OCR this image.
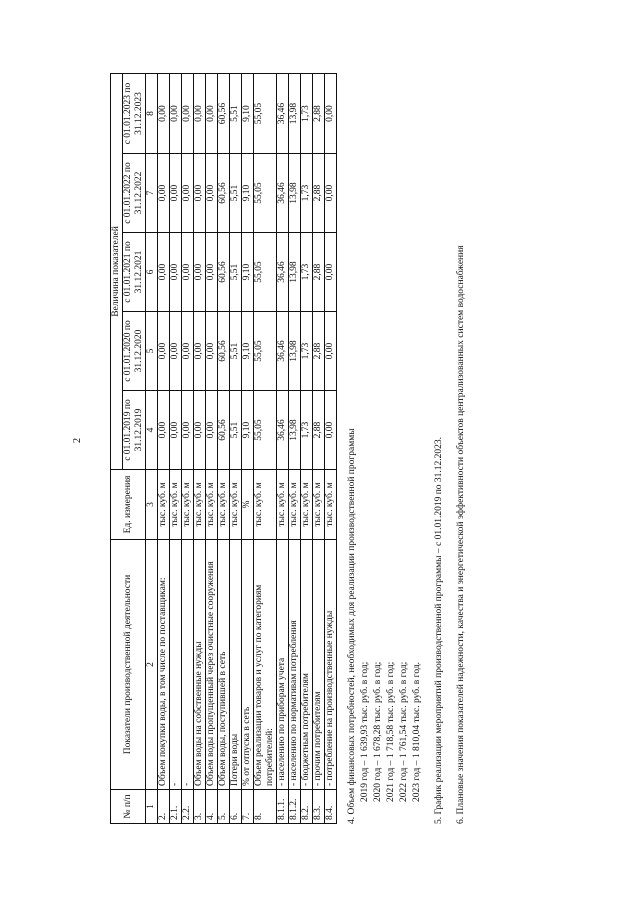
2
№ п/п	Показатели производственной деятельности	Ед. измерения	Величина показателей				
			с 01.01.2019 по 31.12.2019	с 01.01.2020 по 31.12.2020	с 01.01.2021 по 31.12.2021	с 01.01.2022 по 31.12.2022	с 01.01.2023 по 31.12.2023
1	2	3	4	5	6	7	8
2.	Объем покупки воды, в том числе по поставщикам:	тыс. куб. м	0,00	0,00	0,00	0,00	0,00
2.1.	-	тыс. куб. м	0,00	0,00	0,00	0,00	0,00
2.2.	-	тыс. куб. м	0,00	0,00	0,00	0,00	0,00
3.	Объем воды на собственные нужды	тыс. куб. м	0,00	0,00	0,00	0,00	0,00
4.	Объем воды пропущенный через очистные сооружения	тыс. куб. м	0,00	0,00	0,00	0,00	0,00
5.	Объем воды, поступившей в сеть	тыс. куб. м	60,56	60,56	60,56	60,56	60,56
6.	Потери воды	тыс. куб. м	5,51	5,51	5,51	5,51	5,51
7.	% от отпуска в сеть	%	9,10	9,10	9,10	9,10	9,10
8.	Объем реализации товаров и услуг по категориям потребителей:	тыс. куб. м	55,05	55,05	55,05	55,05	55,05
8.1.1.	- населению по приборам учета	тыс. куб. м	36,46	36,46	36,46	36,46	36,46
8.1.2.	- населению по нормативам потребления	тыс. куб. м	13,98	13,98	13,98	13,98	13,98
8.2.	- бюджетным потребителям	тыс. куб. м	1,73	1,73	1,73	1,73	1,73
8.3.	- прочим потребителям	тыс. куб. м	2,88	2,88	2,88	2,88	2,88
8.4.	- потребление на производственные нужды	тыс. куб. м	0,00	0,00	0,00	0,00	0,00

4. Объем финансовых потребностей, необходимых для реализации производственной программы 2019 год – 1 639,93 тыс. руб. в год; 2020 год – 1 678,28 тыс. руб. в год; 2021 год – 1 718,58 тыс. руб. в год; 2022 год – 1 761,54 тыс. руб. в год; 2023 год – 1 810,04 тыс. руб. в год. 5. График реализации мероприятий производственной программы – с 01.01.2019 по 31.12.2023. 6. Плановые значения показателей надежности, качества и энергетической эффективности объектов централизованных систем водоснабжения
